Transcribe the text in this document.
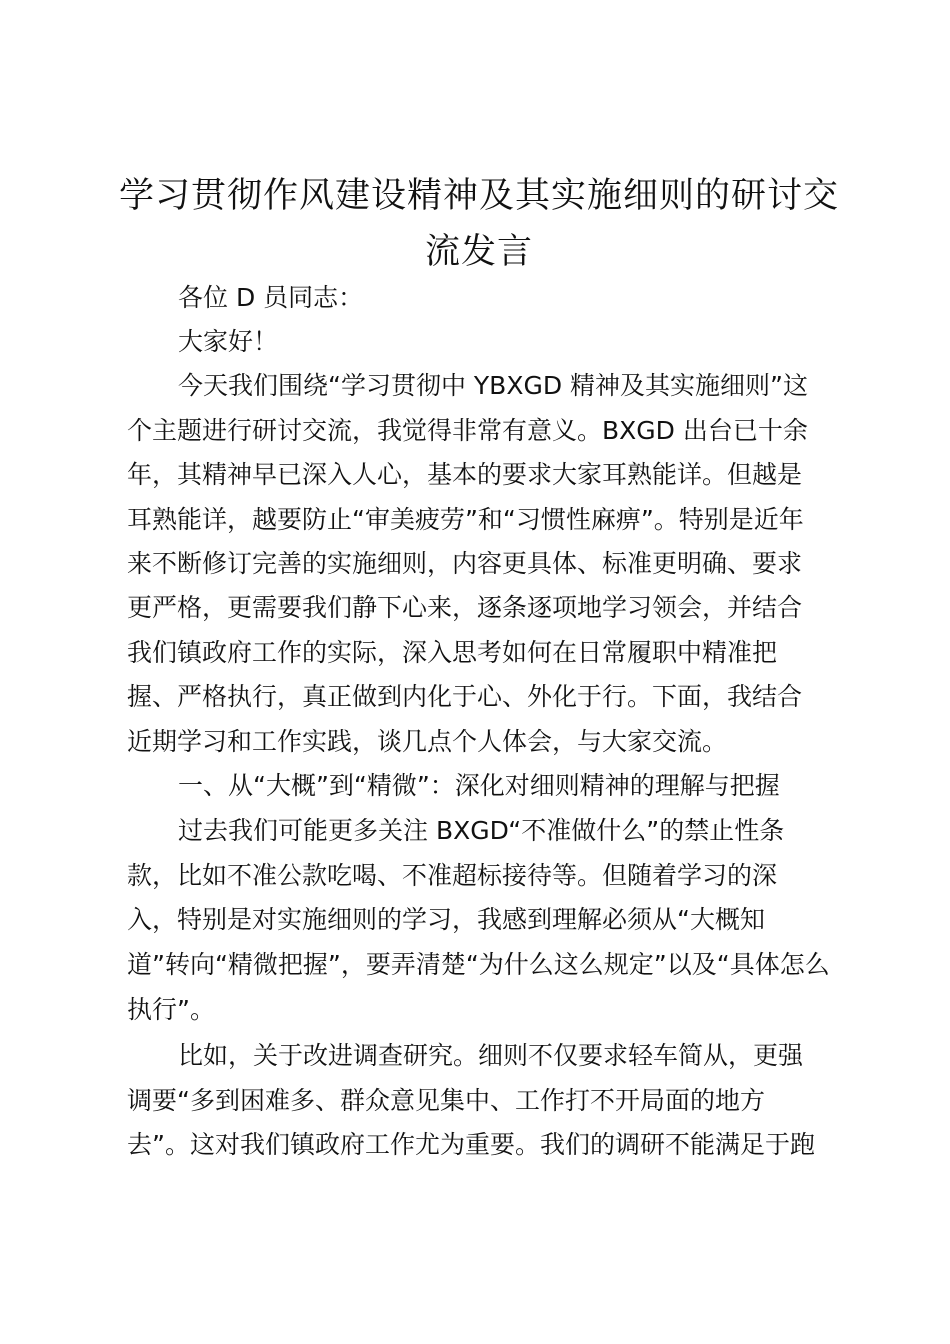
学习贯彻作风建设精神及其实施细则的研讨交
流发言

各位 D 员同志：

大家好！

今天我们围绕“学习贯彻中 YBXGD 精神及其实施细则”这

个主题进行研讨交流，我觉得非常有意义。BXGD 出台已十余

年，其精神早已深入人心，基本的要求大家耳熟能详。但越是

耳熟能详，越要防止“审美疲劳”和“习惯性麻痹”。特别是近年

来不断修订完善的实施细则，内容更具体、标准更明确、要求

更严格，更需要我们静下心来，逐条逐项地学习领会，并结合

我们镇政府工作的实际，深入思考如何在日常履职中精准把

握、严格执行，真正做到内化于心、外化于行。下面，我结合

近期学习和工作实践，谈几点个人体会，与大家交流。

一、从“大概”到“精微”：深化对细则精神的理解与把握

过去我们可能更多关注 BXGD“不准做什么”的禁止性条

款，比如不准公款吃喝、不准超标接待等。但随着学习的深

入，特别是对实施细则的学习，我感到理解必须从“大概知

道”转向“精微把握”，要弄清楚“为什么这么规定”以及“具体怎么

执行”。

比如，关于改进调查研究。细则不仅要求轻车简从，更强

调要“多到困难多、群众意见集中、工作打不开局面的地方

去”。这对我们镇政府工作尤为重要。我们的调研不能满足于跑
